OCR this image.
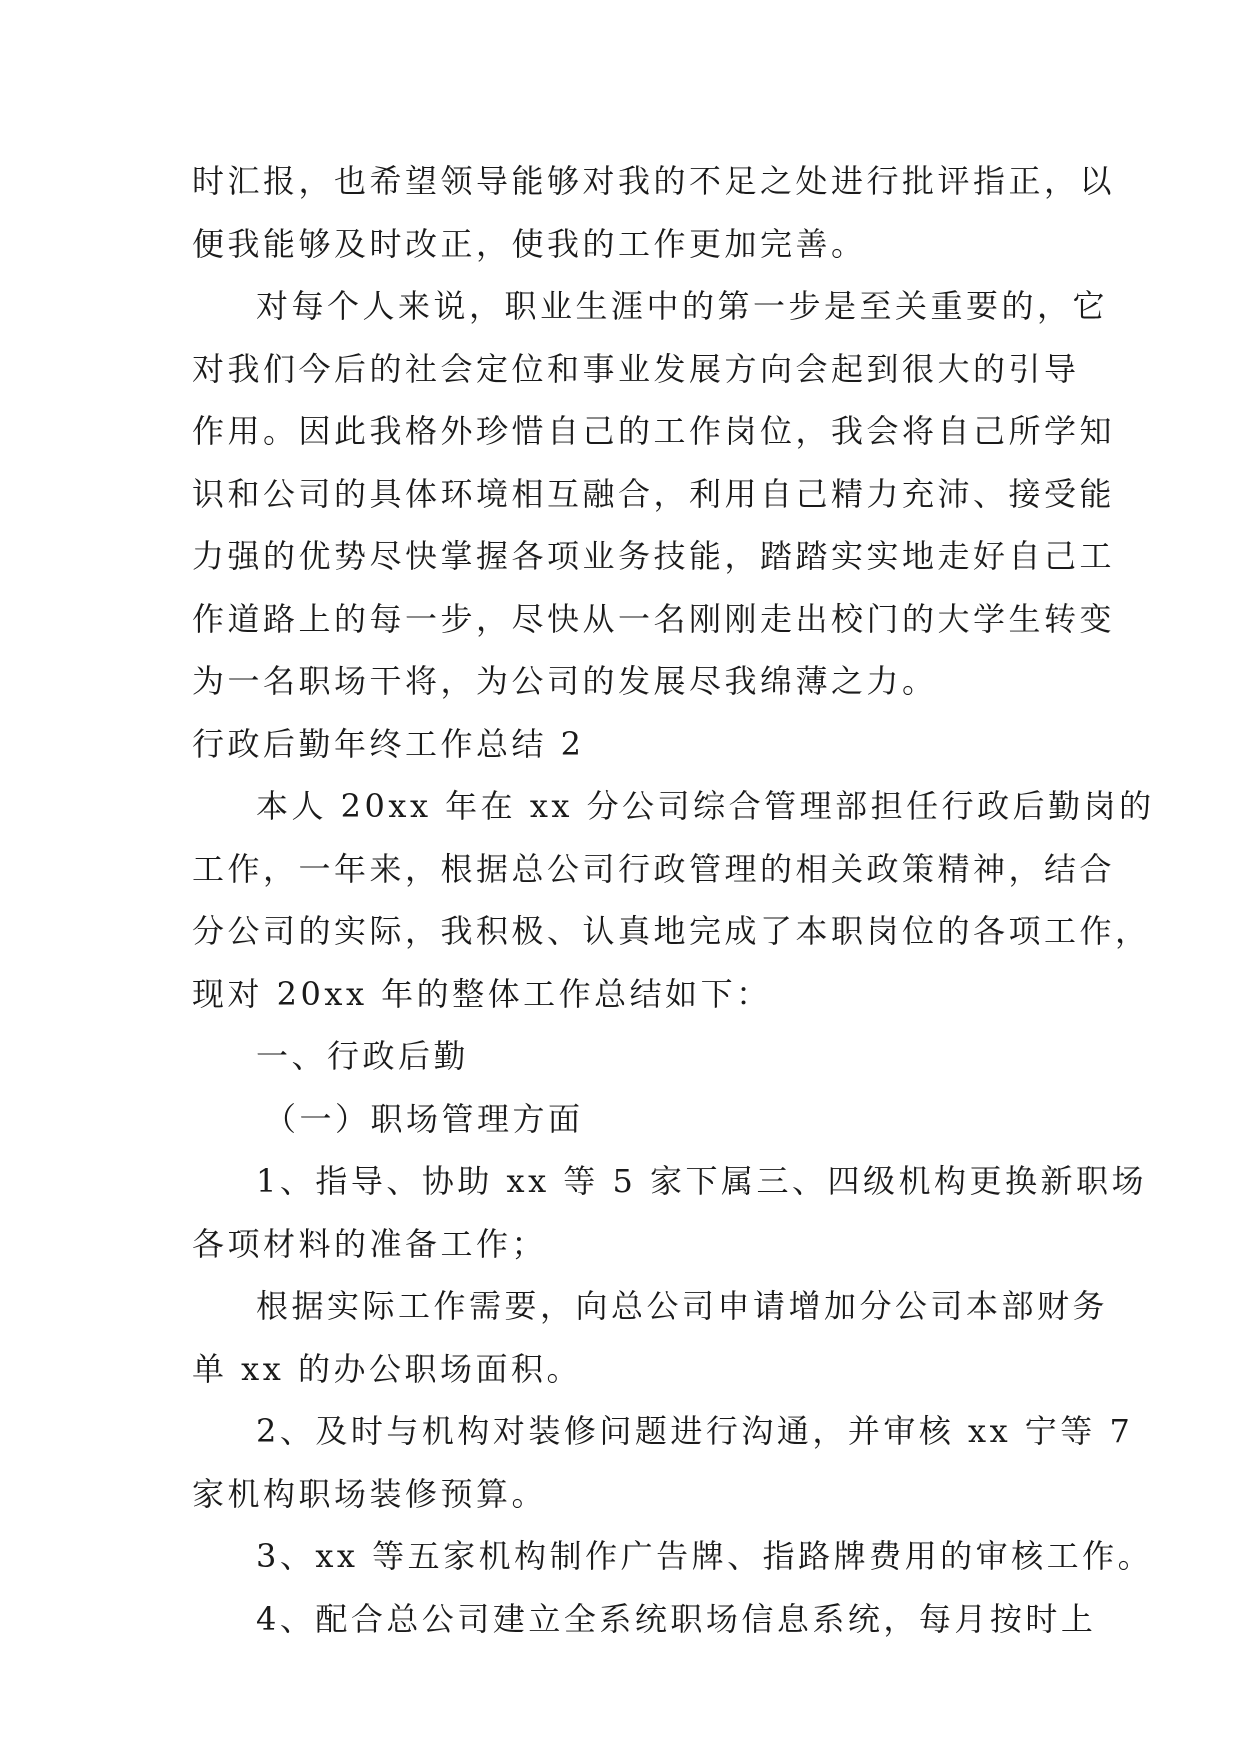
时汇报，也希望领导能够对我的不足之处进行批评指正，以
便我能够及时改正，使我的工作更加完善。
对每个人来说，职业生涯中的第一步是至关重要的，它
对我们今后的社会定位和事业发展方向会起到很大的引导
作用。因此我格外珍惜自己的工作岗位，我会将自己所学知
识和公司的具体环境相互融合，利用自己精力充沛、接受能
力强的优势尽快掌握各项业务技能，踏踏实实地走好自己工
作道路上的每一步，尽快从一名刚刚走出校门的大学生转变
为一名职场干将，为公司的发展尽我绵薄之力。
行政后勤年终工作总结 2
本人 20xx 年在 xx 分公司综合管理部担任行政后勤岗的
工作，一年来，根据总公司行政管理的相关政策精神，结合
分公司的实际，我积极、认真地完成了本职岗位的各项工作，
现对 20xx 年的整体工作总结如下：
一、行政后勤
（一）职场管理方面
1、指导、协助 xx 等 5 家下属三、四级机构更换新职场
各项材料的准备工作；
根据实际工作需要，向总公司申请增加分公司本部财务
单 xx 的办公职场面积。
2、及时与机构对装修问题进行沟通，并审核 xx 宁等 7
家机构职场装修预算。
3、xx 等五家机构制作广告牌、指路牌费用的审核工作。
4、配合总公司建立全系统职场信息系统，每月按时上
